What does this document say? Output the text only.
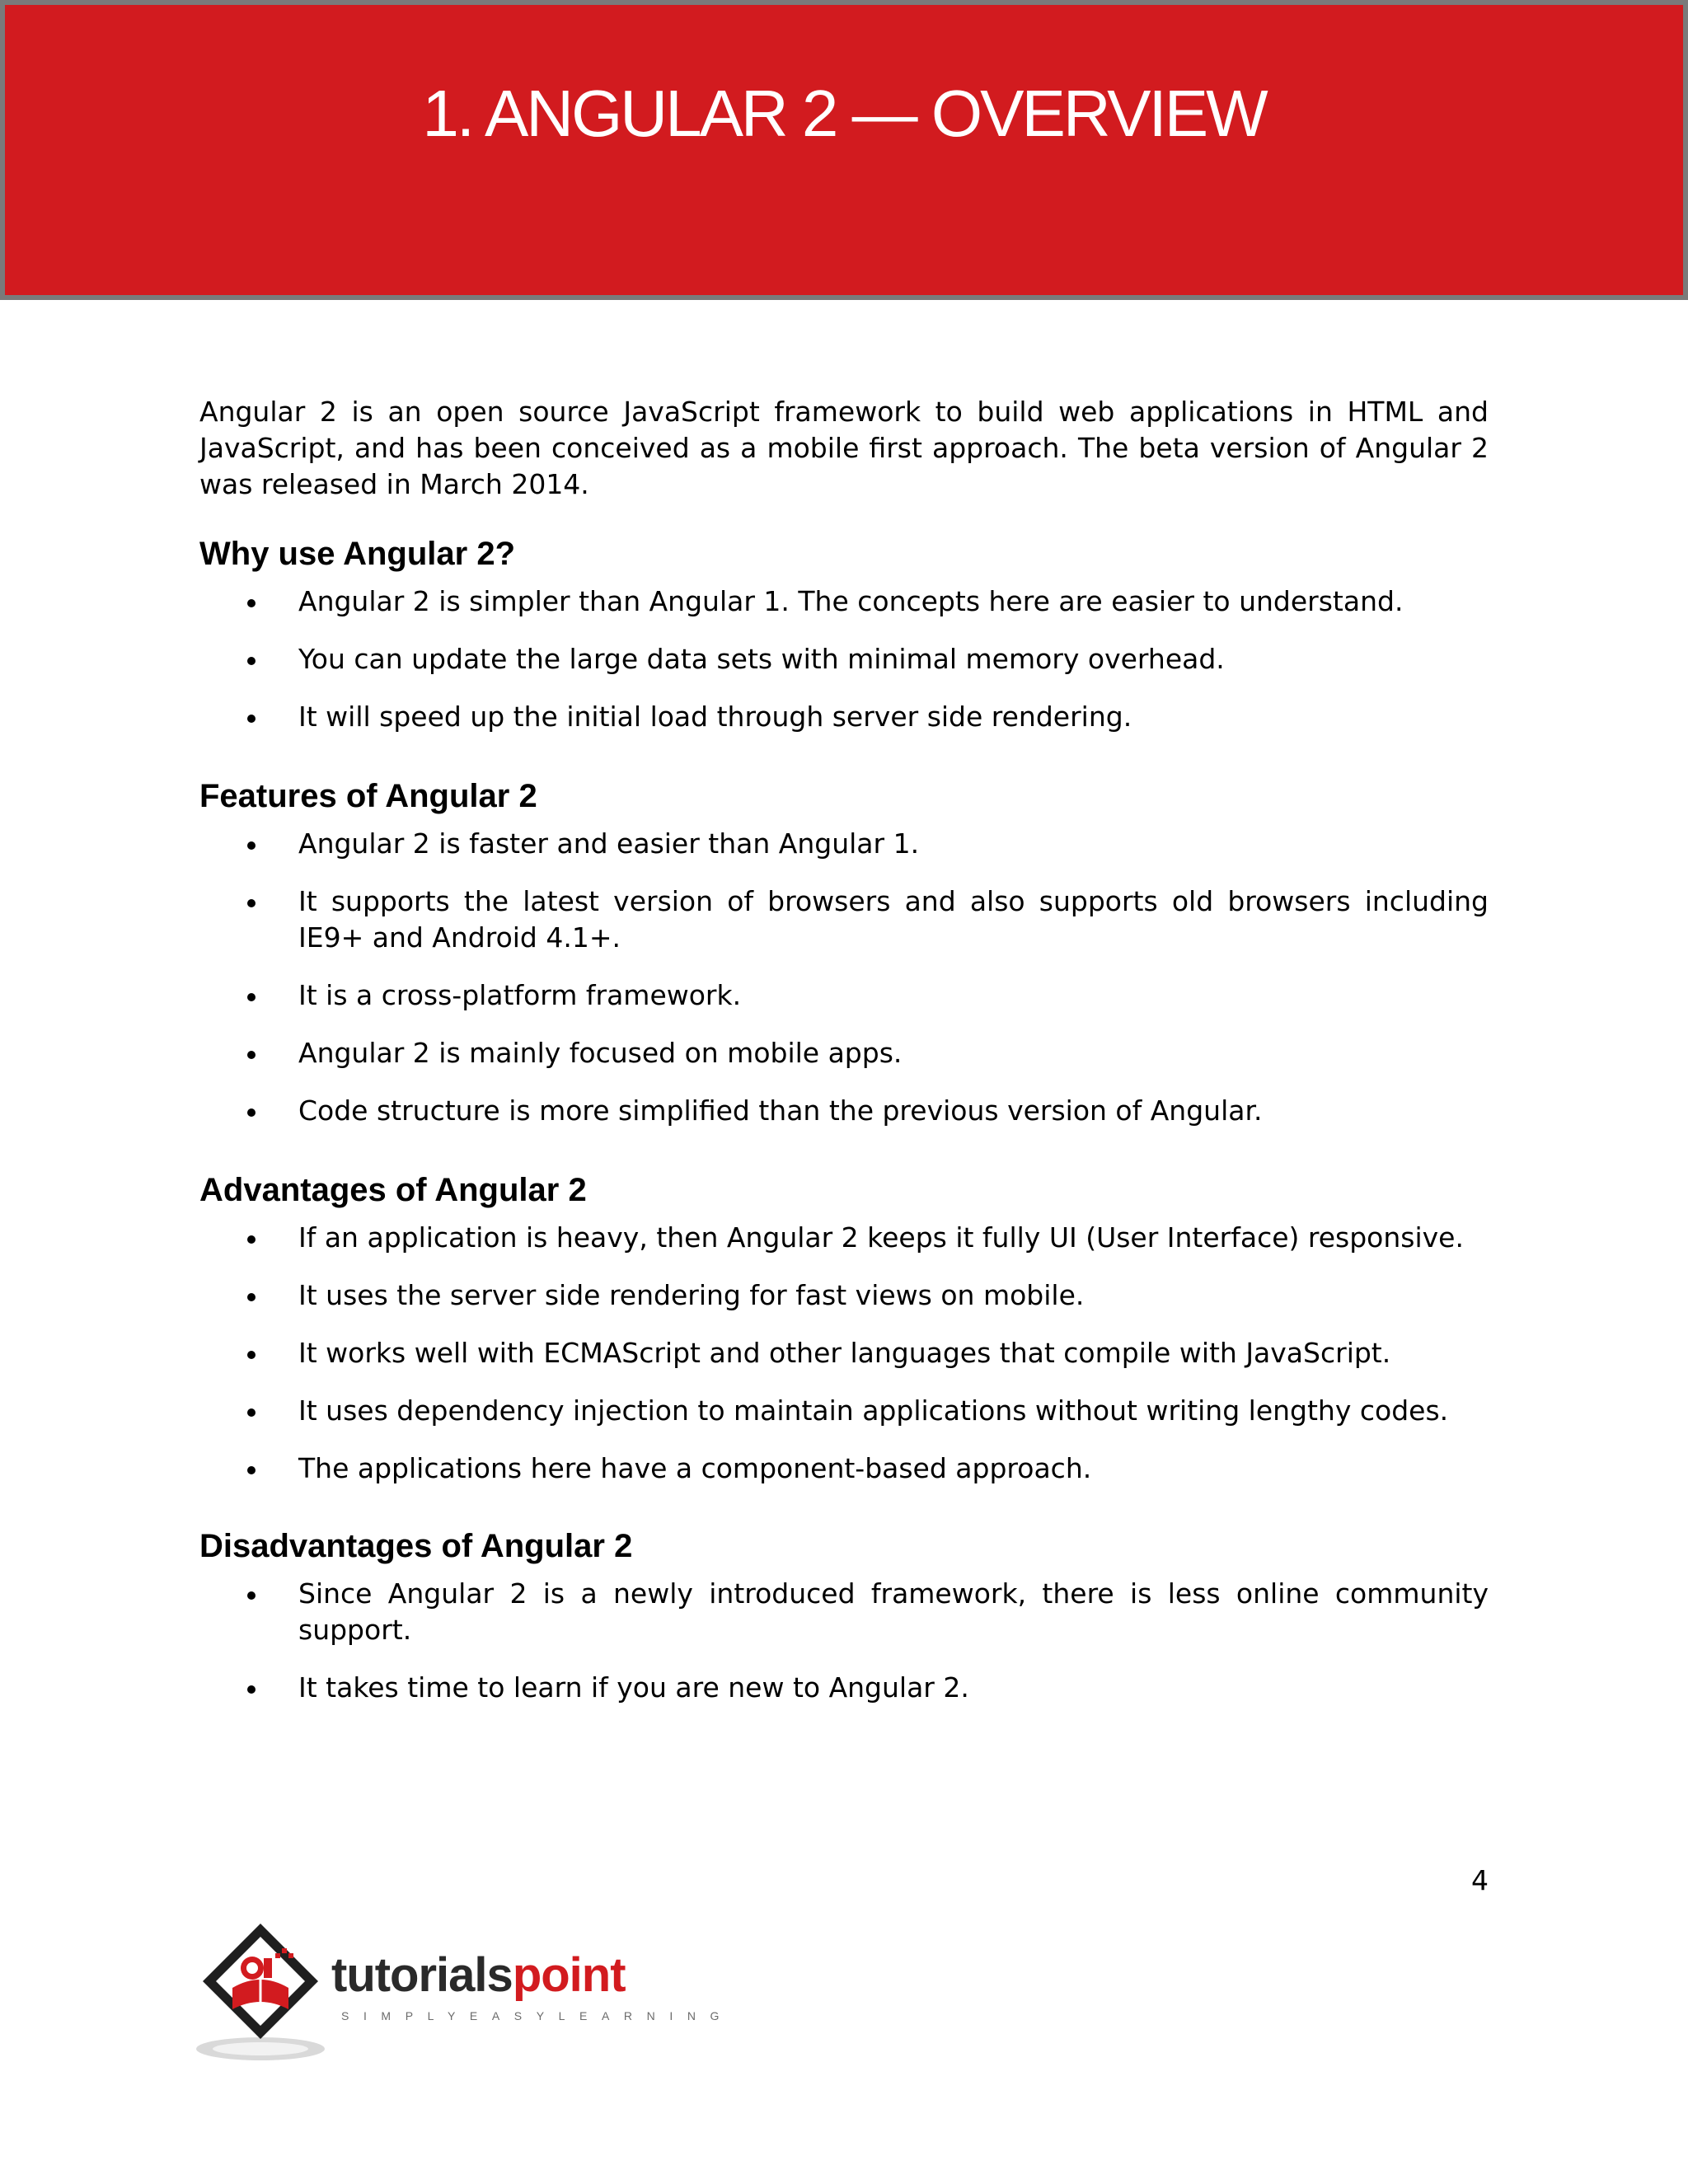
1. ANGULAR 2 — OVERVIEW

Angular 2 is an open source JavaScript framework to build web applications in HTML and JavaScript, and has been conceived as a mobile first approach. The beta version of Angular 2 was released in March 2014.

Why use Angular 2?
Angular 2 is simpler than Angular 1. The concepts here are easier to understand.
You can update the large data sets with minimal memory overhead.
It will speed up the initial load through server side rendering.
Features of Angular 2
Angular 2 is faster and easier than Angular 1.
It supports the latest version of browsers and also supports old browsers including IE9+ and Android 4.1+.
It is a cross-platform framework.
Angular 2 is mainly focused on mobile apps.
Code structure is more simplified than the previous version of Angular.
Advantages of Angular 2
If an application is heavy, then Angular 2 keeps it fully UI (User Interface) responsive.
It uses the server side rendering for fast views on mobile.
It works well with ECMAScript and other languages that compile with JavaScript.
It uses dependency injection to maintain applications without writing lengthy codes.
The applications here have a component-based approach.
Disadvantages of Angular 2
Since Angular 2 is a newly introduced framework, there is less online community support.
It takes time to learn if you are new to Angular 2.
4
tutorialspoint
SIMPLYEASYLEARNING
